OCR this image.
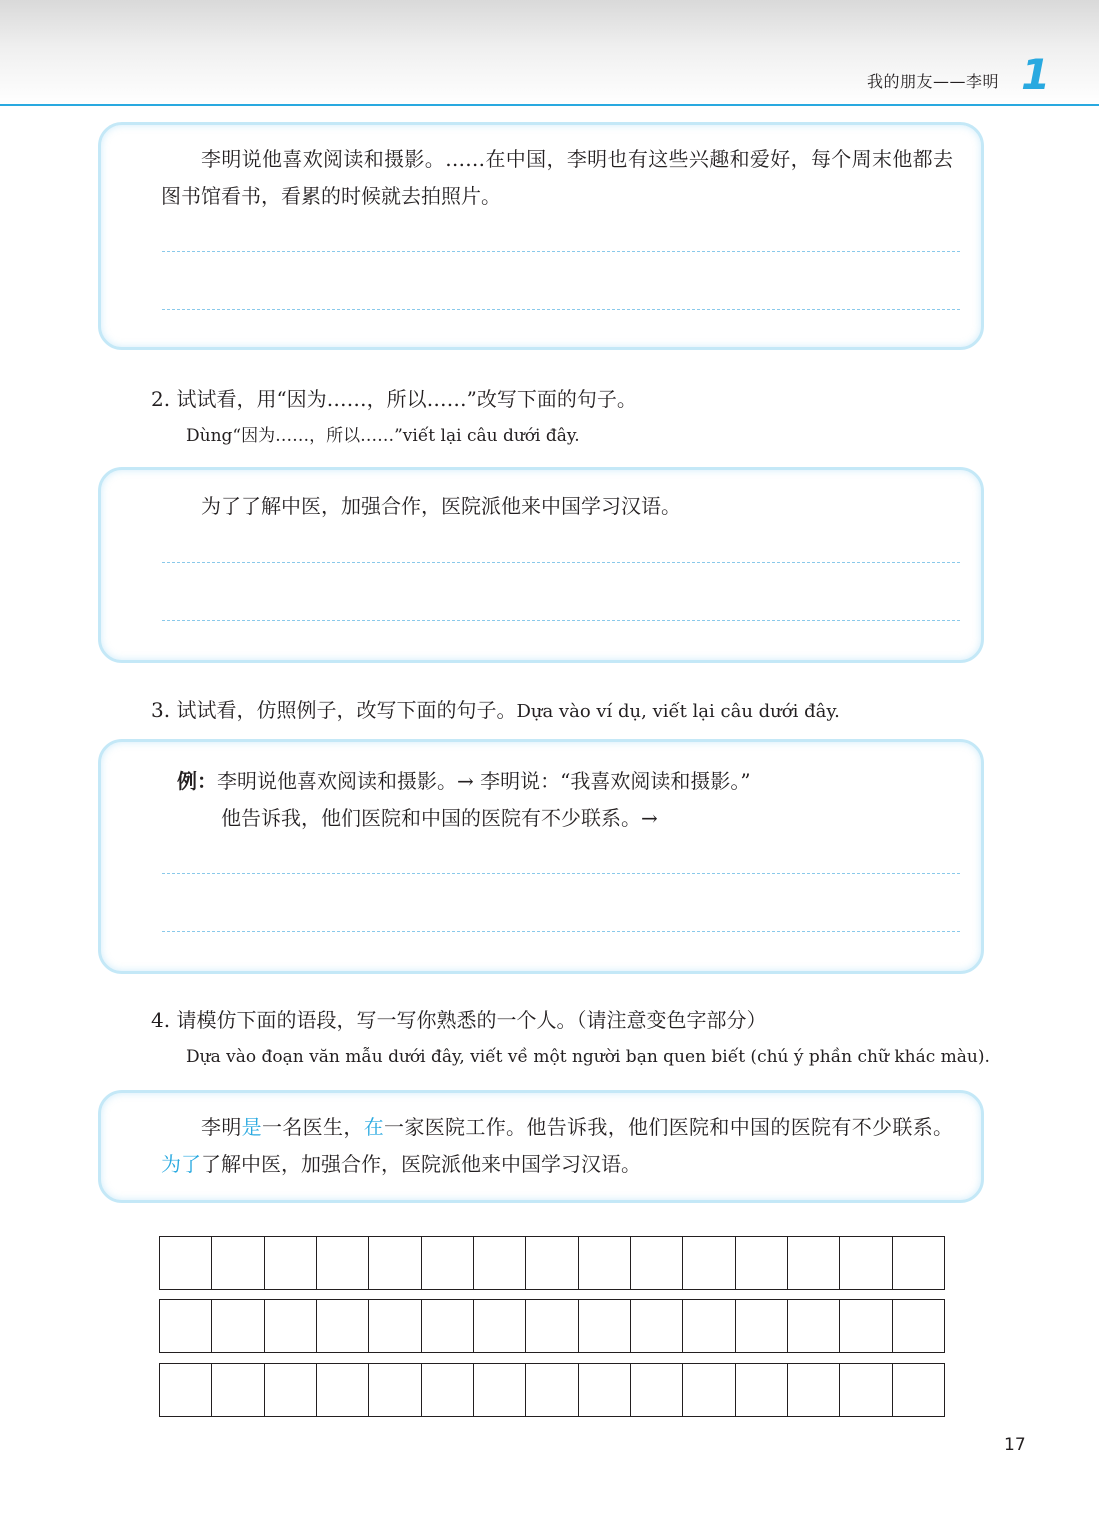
我的朋友——李明 1
李明说他喜欢阅读和摄影。……在中国，李明也有这些兴趣和爱好，每个周末他都去图书馆看书，看累的时候就去拍照片。
2. 试试看，用“因为……，所以……”改写下面的句子。
Dùng“因为……，所以……”viết lại câu dưới đây.
为了了解中医，加强合作，医院派他来中国学习汉语。
3. 试试看，仿照例子，改写下面的句子。Dựa vào ví dụ, viết lại câu dưới đây.
例：李明说他喜欢阅读和摄影。→ 李明说：“我喜欢阅读和摄影。”
他告诉我，他们医院和中国的医院有不少联系。→
4. 请模仿下面的语段，写一写你熟悉的一个人。（请注意变色字部分）
Dựa vào đoạn văn mẫu dưới đây, viết về một người bạn quen biết (chú ý phần chữ khác màu).
李明是一名医生，在一家医院工作。他告诉我，他们医院和中国的医院有不少联系。为了了解中医，加强合作，医院派他来中国学习汉语。
17
